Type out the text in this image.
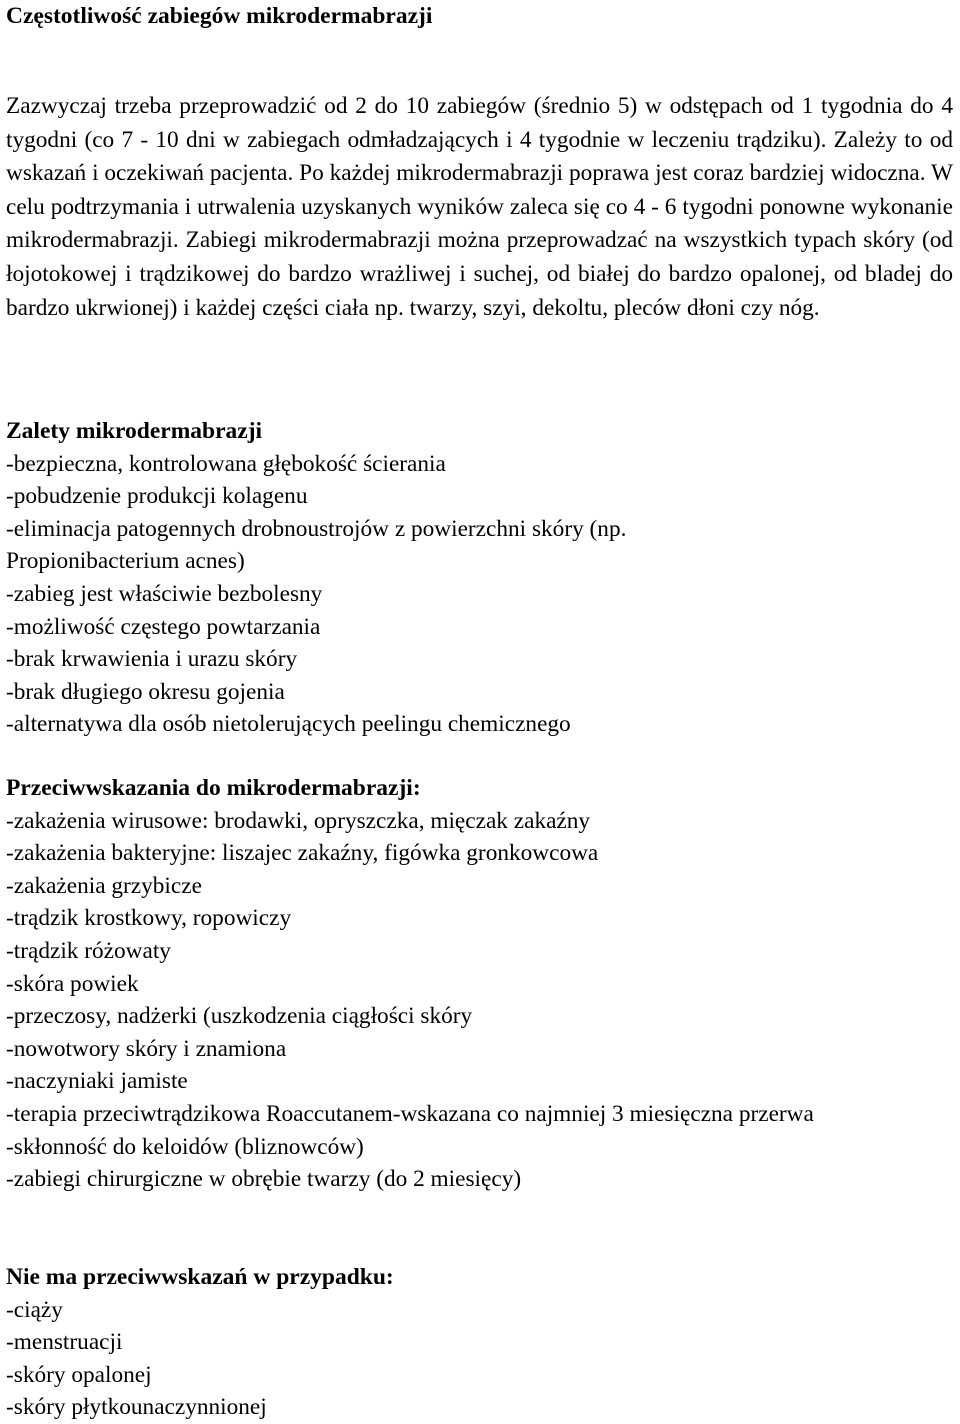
Częstotliwość zabiegów mikrodermabrazji

Zazwyczaj trzeba przeprowadzić od 2 do 10 zabiegów (średnio 5) w odstępach od 1 tygodnia do 4 tygodni (co 7 - 10 dni w zabiegach odmładzających i 4 tygodnie w leczeniu trądziku). Zależy to od wskazań i oczekiwań pacjenta. Po każdej mikrodermabrazji poprawa jest coraz bardziej widoczna. W celu podtrzymania i utrwalenia uzyskanych wyników zaleca się co 4 - 6 tygodni ponowne wykonanie mikrodermabrazji. Zabiegi mikrodermabrazji można przeprowadzać na wszystkich typach skóry (od łojotokowej i trądzikowej do bardzo wrażliwej i suchej, od białej do bardzo opalonej, od bladej do bardzo ukrwionej) i każdej części ciała np. twarzy, szyi, dekoltu, pleców dłoni czy nóg.

Zalety mikrodermabrazji
-bezpieczna, kontrolowana głębokość ścierania
-pobudzenie produkcji kolagenu
-eliminacja patogennych drobnoustrojów z powierzchni skóry (np. Propionibacterium acnes)
-zabieg jest właściwie bezbolesny
-możliwość częstego powtarzania
-brak krwawienia i urazu skóry
-brak długiego okresu gojenia
-alternatywa dla osób nietolerujących peelingu chemicznego
Przeciwwskazania do mikrodermabrazji:
-zakażenia wirusowe: brodawki, opryszczka, mięczak zakaźny
-zakażenia bakteryjne: liszajec zakaźny, figówka gronkowcowa
-zakażenia grzybicze
-trądzik krostkowy, ropowiczy
-trądzik różowaty
-skóra powiek
-przeczosy, nadżerki (uszkodzenia ciągłości skóry
-nowotwory skóry i znamiona
-naczyniaki jamiste
-terapia przeciwtrądzikowa Roaccutanem-wskazana co najmniej 3 miesięczna przerwa
-skłonność do keloidów (bliznowców)
-zabiegi chirurgiczne w obrębie twarzy (do 2 miesięcy)
Nie ma przeciwwskazań w przypadku:
-ciąży
-menstruacji
-skóry opalonej
-skóry płytkounaczynnionej
